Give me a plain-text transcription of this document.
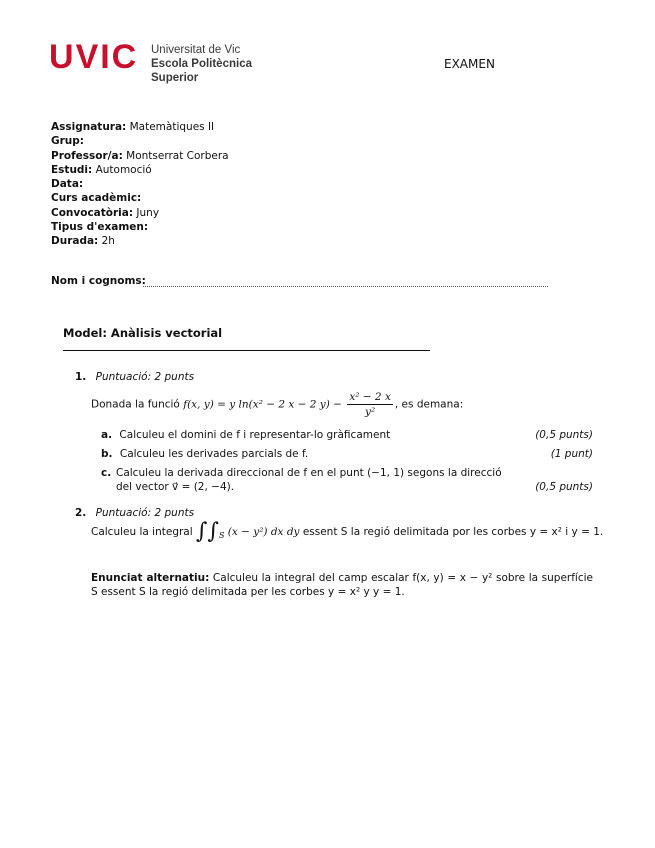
UVIC Universitat de Vic
Escola Politècnica
Superior
EXAMEN
Assignatura: Matemàtiques II
Grup:
Professor/a: Montserrat Corbera
Estudi: Automoció
Data:
Curs acadèmic:
Convocatòria: Juny
Tipus d'examen:
Durada: 2h
Nom i cognoms:
Model: Anàlisis vectorial
1. Puntuació: 2 punts
Donada la funció f(x, y) = y ln(x² − 2 x − 2 $y) - \frac{\text{x² − 2 x}}{\text{y²}}$ , es demana:
a. Calculeu el domini de f i representar-lo gràficament	(0,5 punts)
b. Calculeu les derivades parcials de f.	(1 punt)
c. Calculeu la derivada direccional de f en el punt (−1, 1) segons la direcció del vector v⃗ = (2, −4).	(0,5 punts)
2. Puntuació: 2 punts
Calculeu la integral $\int\int_S$ (x − y²) dx dy essent S la regió delimitada por les corbes y = x² i y = 1.
Enunciat alternatiu: Calculeu la integral del camp escalar f(x, y) = x − y² sobre la superfície S essent S la regió delimitada per les corbes y = x² y y = 1.
